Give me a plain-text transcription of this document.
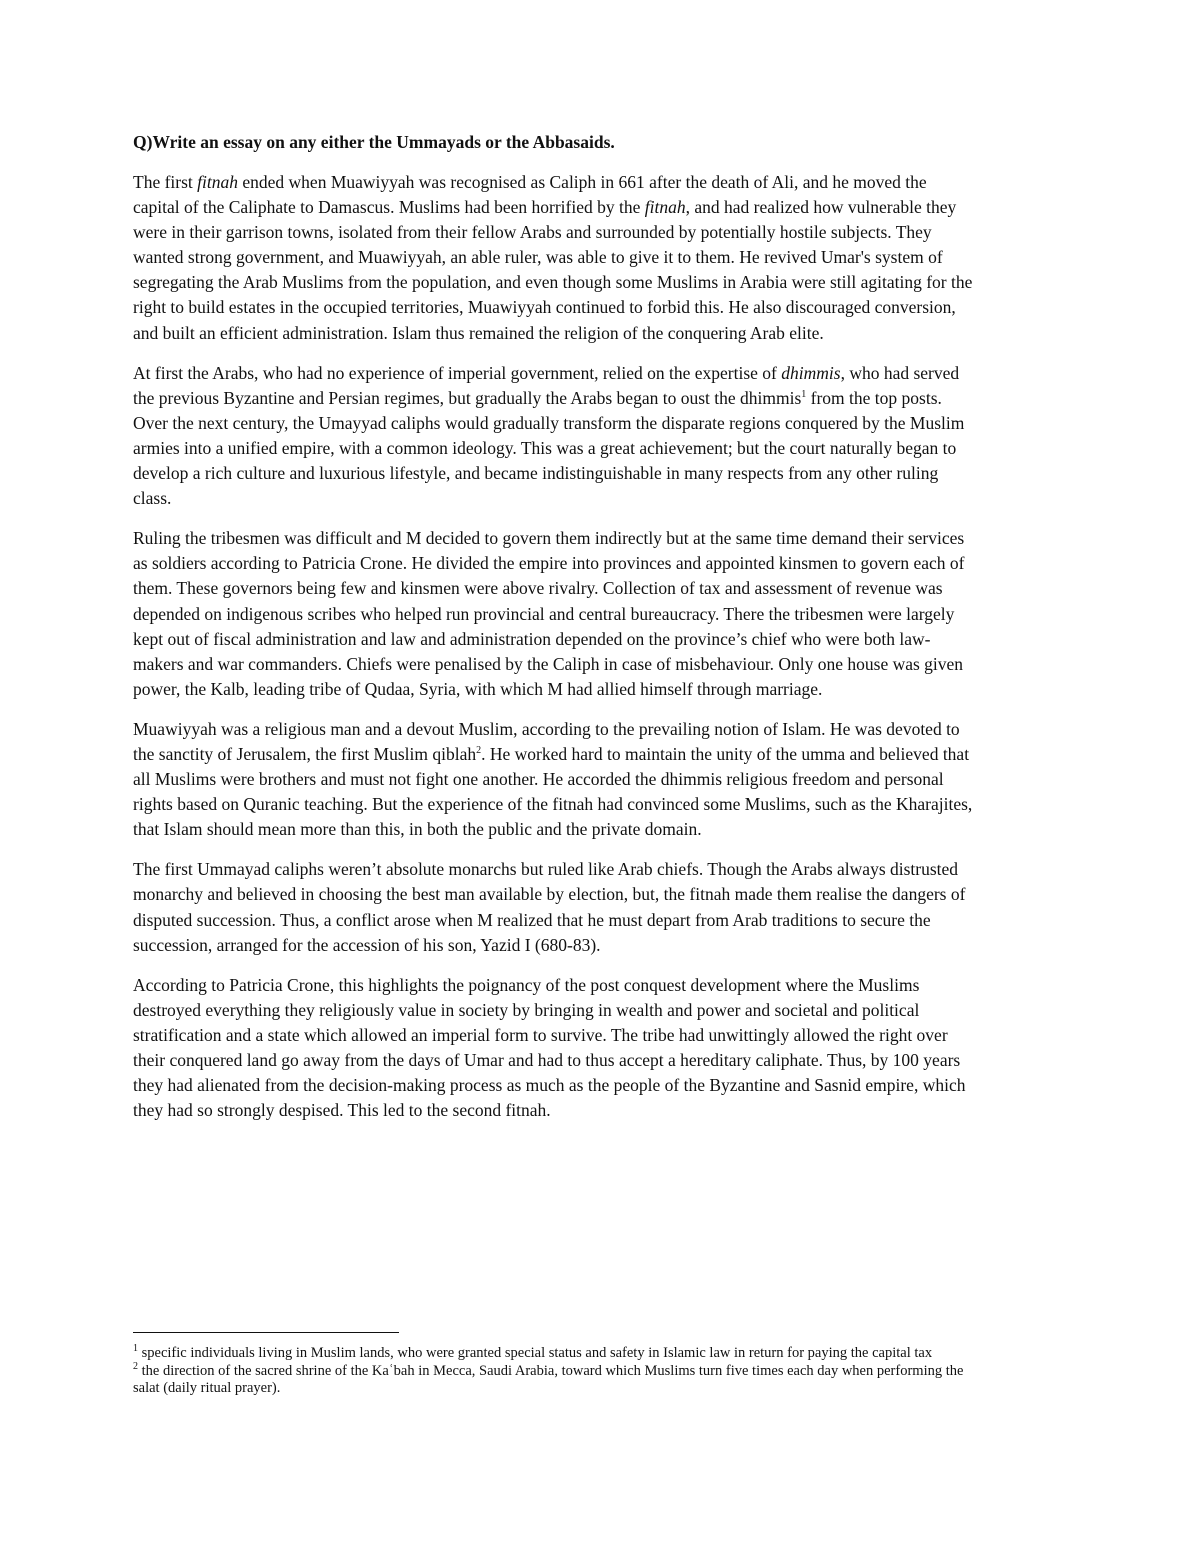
Q)Write an essay on any either the Ummayads or the Abbasaids.

The first fitnah ended when Muawiyyah was recognised as Caliph in 661 after the death of Ali, and he moved the capital of the Caliphate to Damascus. Muslims had been horrified by the fitnah, and had realized how vulnerable they were in their garrison towns, isolated from their fellow Arabs and surrounded by potentially hostile subjects. They wanted strong government, and Muawiyyah, an able ruler, was able to give it to them. He revived Umar's system of segregating the Arab Muslims from the population, and even though some Muslims in Arabia were still agitating for the right to build estates in the occupied territories, Muawiyyah continued to forbid this. He also discouraged conversion, and built an efficient administration. Islam thus remained the religion of the conquering Arab elite.

At first the Arabs, who had no experience of imperial government, relied on the expertise of dhimmis, who had served the previous Byzantine and Persian regimes, but gradually the Arabs began to oust the dhimmis$^1$ from the top posts. Over the next century, the Umayyad caliphs would gradually transform the disparate regions conquered by the Muslim armies into a unified empire, with a common ideology. This was a great achievement; but the court naturally began to develop a rich culture and luxurious lifestyle, and became indistinguishable in many respects from any other ruling class.

Ruling the tribesmen was difficult and M decided to govern them indirectly but at the same time demand their services as soldiers according to Patricia Crone. He divided the empire into provinces and appointed kinsmen to govern each of them. These governors being few and kinsmen were above rivalry. Collection of tax and assessment of revenue was depended on indigenous scribes who helped run provincial and central bureaucracy. There the tribesmen were largely kept out of fiscal administration and law and administration depended on the province’s chief who were both law-makers and war commanders. Chiefs were penalised by the Caliph in case of misbehaviour. Only one house was given power, the Kalb, leading tribe of Qudaa, Syria, with which M had allied himself through marriage.

Muawiyyah was a religious man and a devout Muslim, according to the prevailing notion of Islam. He was devoted to the sanctity of Jerusalem, the first Muslim qiblah$^2$. He worked hard to maintain the unity of the umma and believed that all Muslims were brothers and must not fight one another. He accorded the dhimmis religious freedom and personal rights based on Quranic teaching. But the experience of the fitnah had convinced some Muslims, such as the Kharajites, that Islam should mean more than this, in both the public and the private domain.

The first Ummayad caliphs weren’t absolute monarchs but ruled like Arab chiefs. Though the Arabs always distrusted monarchy and believed in choosing the best man available by election, but, the fitnah made them realise the dangers of disputed succession. Thus, a conflict arose when M realized that he must depart from Arab traditions to secure the succession, arranged for the accession of his son, Yazid I (680-83).

According to Patricia Crone, this highlights the poignancy of the post conquest development where the Muslims destroyed everything they religiously value in society by bringing in wealth and power and societal and political stratification and a state which allowed an imperial form to survive. The tribe had unwittingly allowed the right over their conquered land go away from the days of Umar and had to thus accept a hereditary caliphate. Thus, by 100 years they had alienated from the decision-making process as much as the people of the Byzantine and Sasnid empire, which they had so strongly despised. This led to the second fitnah.

$^1$ specific individuals living in Muslim lands, who were granted special status and safety in Islamic law in return for paying the capital tax

$^2$ the direction of the sacred shrine of the Kaʿbah in Mecca, Saudi Arabia, toward which Muslims turn five times each day when performing the salat (daily ritual prayer).
